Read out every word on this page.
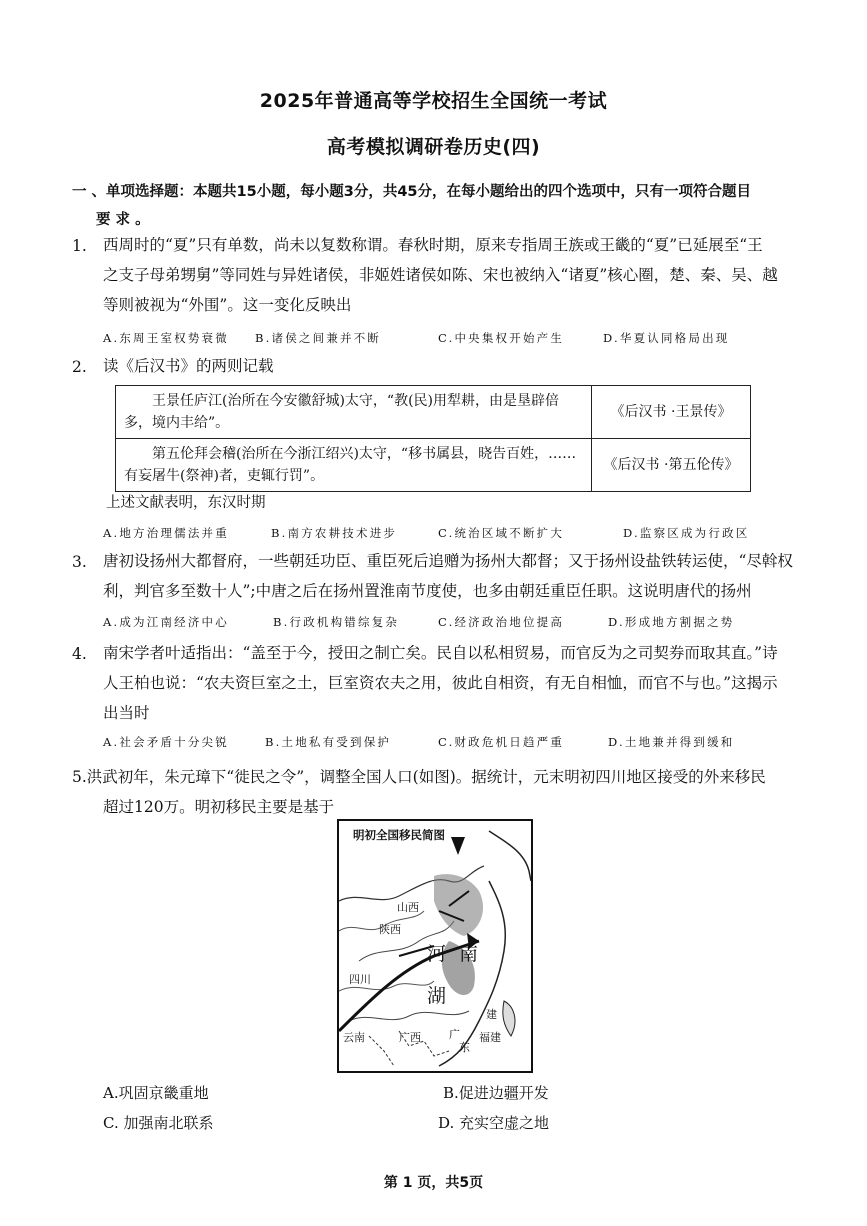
2025年普通高等学校招生全国统一考试
高考模拟调研卷历史(四)
一 、单项选择题：本题共15小题，每小题3分，共45分，在每小题给出的四个选项中，只有一项符合题目
要 求 。
1. 西周时的“夏”只有单数，尚未以复数称谓。春秋时期，原来专指周王族或王畿的“夏”已延展至“王
之支子母弟甥舅”等同姓与异姓诸侯，非姬姓诸侯如陈、宋也被纳入“诸夏”核心圈，楚、秦、吴、越
等则被视为“外围”。这一变化反映出
A.东周王室权势衰微 B.诸侯之间兼并不断	C.中央集权开始产生	D.华夏认同格局出现
2. 读《后汉书》的两则记载
王景任庐江(治所在今安徽舒城)太守，“教(民)用犁耕，由是垦辟倍多，境内丰给”。	《后汉书 ·王景传》
第五伦拜会稽(治所在今浙江绍兴)太守，“移书属县，晓告百姓，……有妄屠牛(祭神)者，吏辄行罚”。	《后汉书 ·第五伦传》
上述文献表明，东汉时期
A.地方治理儒法并重	B.南方农耕技术进步	C.统治区域不断扩大	D.监察区成为行政区
3. 唐初设扬州大都督府，一些朝廷功臣、重臣死后追赠为扬州大都督；又于扬州设盐铁转运使，“尽斡权
利，判官多至数十人”;中唐之后在扬州置淮南节度使，也多由朝廷重臣任职。这说明唐代的扬州
A.成为江南经济中心	B.行政机构错综复杂	C.经济政治地位提高	D.形成地方割据之势
4. 南宋学者叶适指出：“盖至于今，授田之制亡矣。民自以私相贸易，而官反为之司契券而取其直。”诗
人王柏也说：“农夫资巨室之土，巨室资农夫之用，彼此自相资，有无自相恤，而官不与也。”这揭示
出当时
A.社会矛盾十分尖锐	B.土地私有受到保护	C.财政危机日趋严重	D.土地兼并得到缓和
5.洪武初年，朱元璋下“徙民之令”，调整全国人口(如图)。据统计，元末明初四川地区接受的外来移民
超过120万。明初移民主要是基于
明初全国移民简图
山西
陕西
河 南
四川
湖
建
福建
云南	广西	广
东
A.巩固京畿重地	B.促进边疆开发
C. 加强南北联系	D. 充实空虚之地
第 1 页，共5页
